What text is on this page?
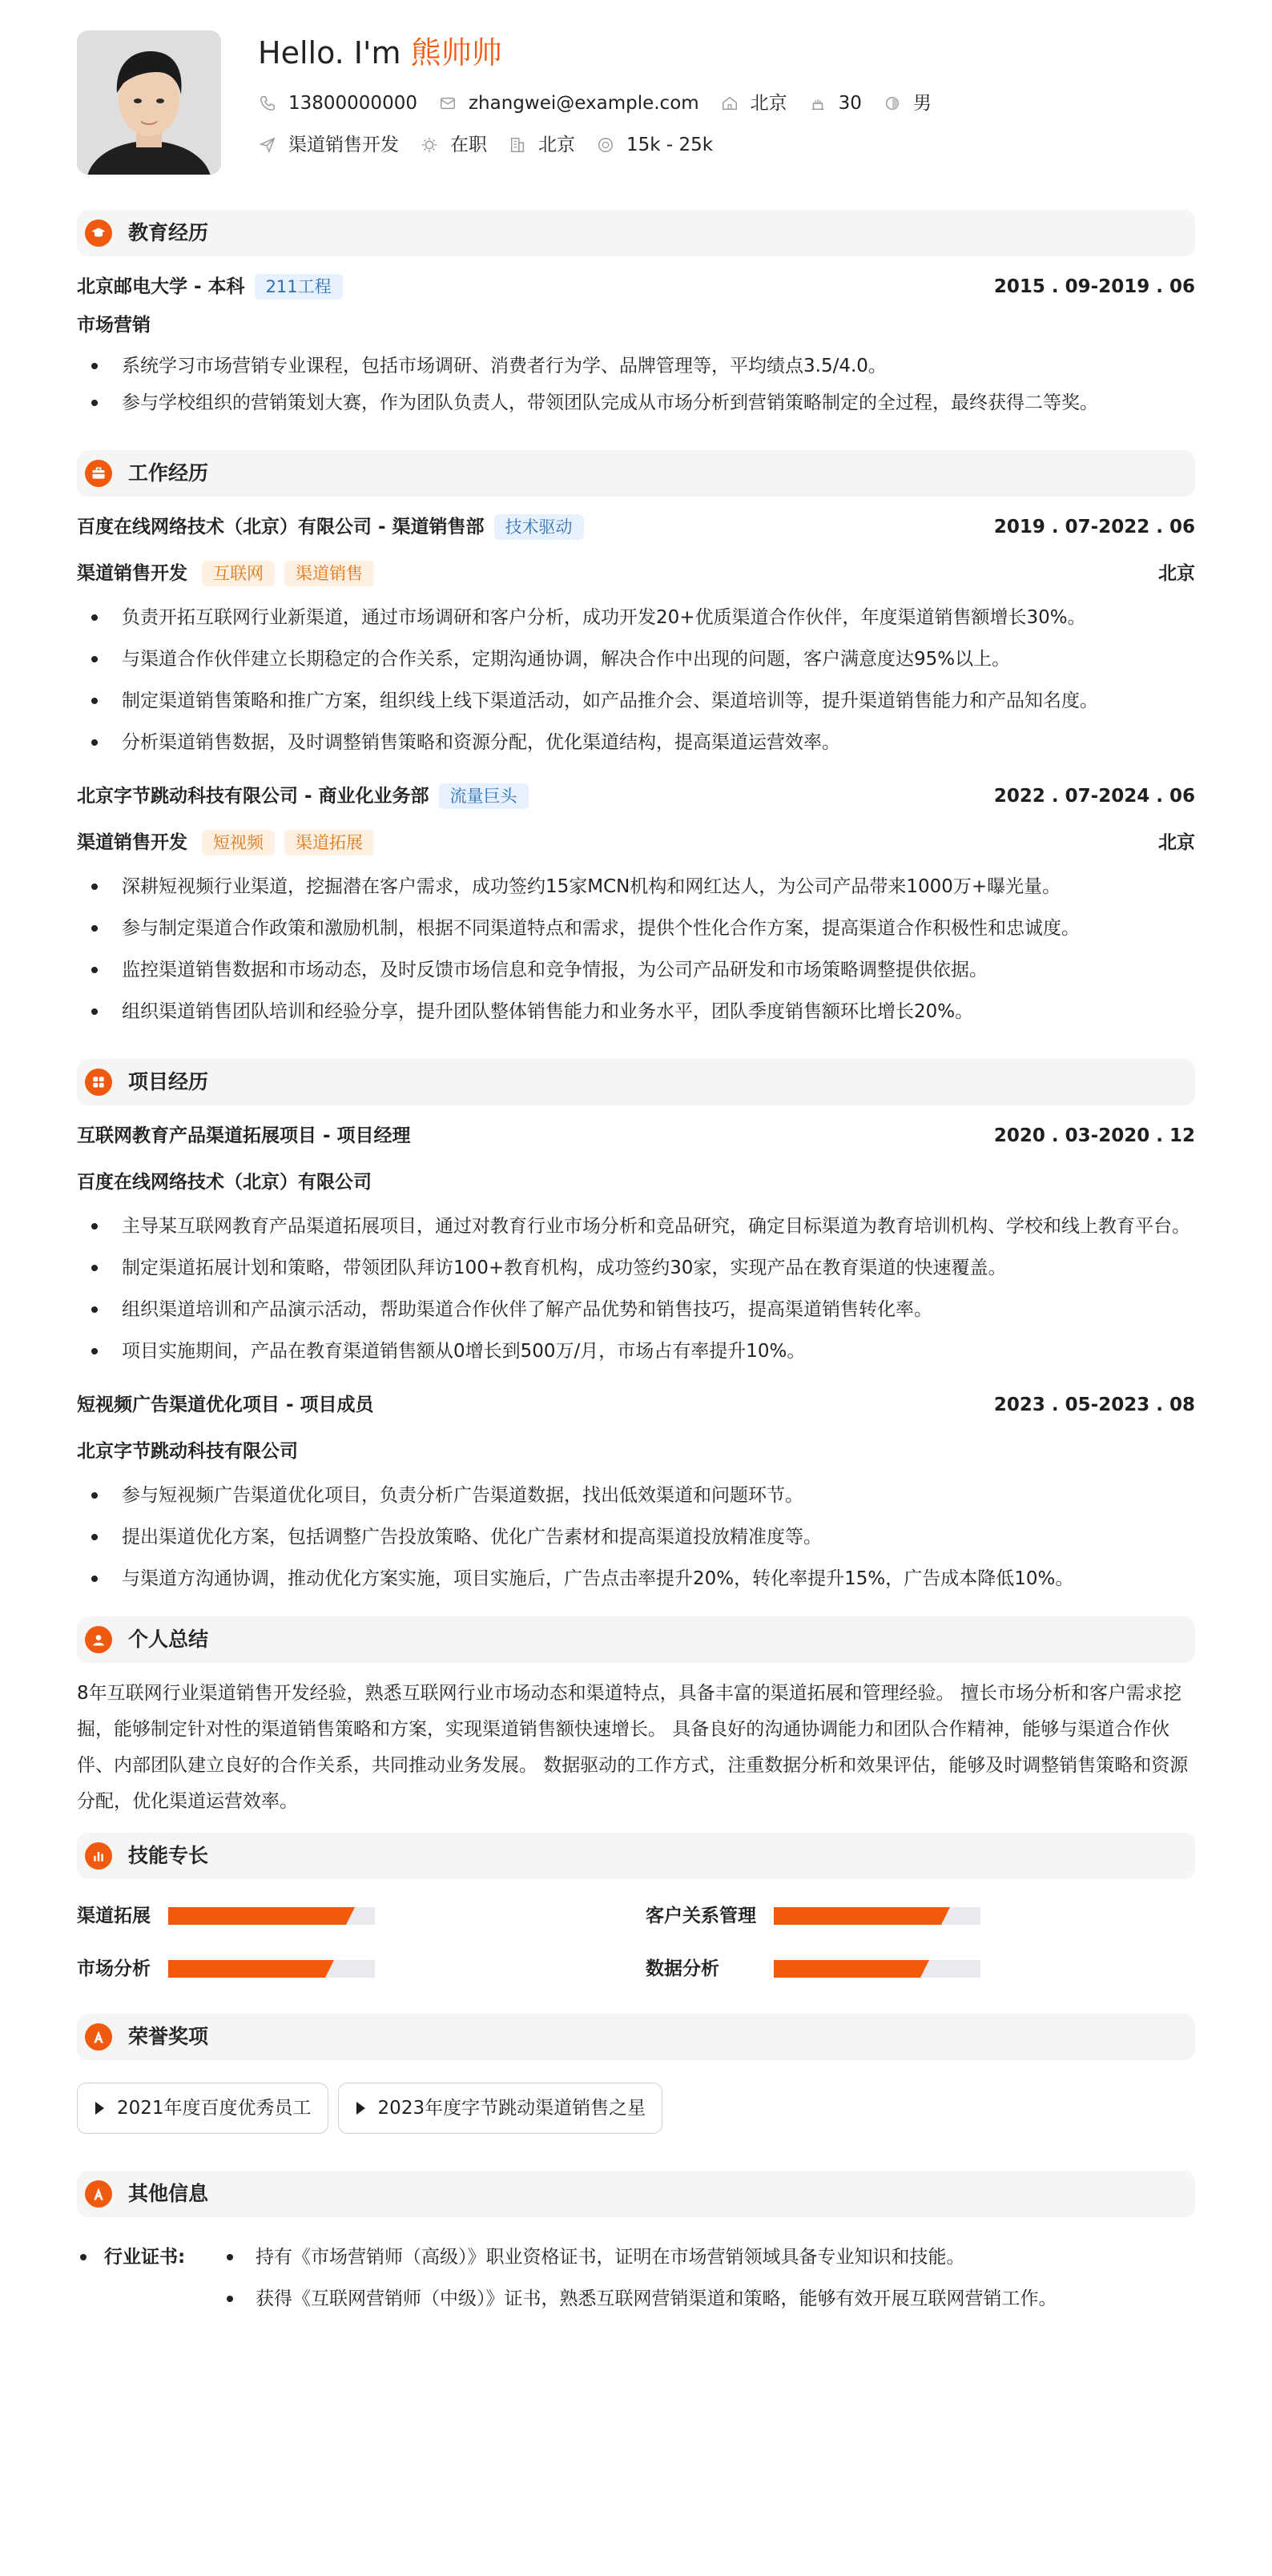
Hello. I'm 熊帅帅
13800000000	zhangwei@example.com	北京	30	男
渠道销售开发	在职	北京	15k - 25k
教育经历
北京邮电大学 - 本科	211工程	2015 . 09-2019 . 06
市场营销
系统学习市场营销专业课程，包括市场调研、消费者行为学、品牌管理等，平均绩点3.5/4.0。
参与学校组织的营销策划大赛，作为团队负责人，带领团队完成从市场分析到营销策略制定的全过程，最终获得二等奖。
工作经历
百度在线网络技术（北京）有限公司 - 渠道销售部	技术驱动	2019 . 07-2022 . 06
渠道销售开发	互联网	渠道销售	北京
负责开拓互联网行业新渠道，通过市场调研和客户分析，成功开发20+优质渠道合作伙伴，年度渠道销售额增长30%。
与渠道合作伙伴建立长期稳定的合作关系，定期沟通协调，解决合作中出现的问题，客户满意度达95%以上。
制定渠道销售策略和推广方案，组织线上线下渠道活动，如产品推介会、渠道培训等，提升渠道销售能力和产品知名度。
分析渠道销售数据，及时调整销售策略和资源分配，优化渠道结构，提高渠道运营效率。
北京字节跳动科技有限公司 - 商业化业务部	流量巨头	2022 . 07-2024 . 06
渠道销售开发	短视频	渠道拓展	北京
深耕短视频行业渠道，挖掘潜在客户需求，成功签约15家MCN机构和网红达人，为公司产品带来1000万+曝光量。
参与制定渠道合作政策和激励机制，根据不同渠道特点和需求，提供个性化合作方案，提高渠道合作积极性和忠诚度。
监控渠道销售数据和市场动态，及时反馈市场信息和竞争情报，为公司产品研发和市场策略调整提供依据。
组织渠道销售团队培训和经验分享，提升团队整体销售能力和业务水平，团队季度销售额环比增长20%。
项目经历
互联网教育产品渠道拓展项目 - 项目经理	2020 . 03-2020 . 12
百度在线网络技术（北京）有限公司
主导某互联网教育产品渠道拓展项目，通过对教育行业市场分析和竞品研究，确定目标渠道为教育培训机构、学校和线上教育平台。
制定渠道拓展计划和策略，带领团队拜访100+教育机构，成功签约30家，实现产品在教育渠道的快速覆盖。
组织渠道培训和产品演示活动，帮助渠道合作伙伴了解产品优势和销售技巧，提高渠道销售转化率。
项目实施期间，产品在教育渠道销售额从0增长到500万/月，市场占有率提升10%。
短视频广告渠道优化项目 - 项目成员	2023 . 05-2023 . 08
北京字节跳动科技有限公司
参与短视频广告渠道优化项目，负责分析广告渠道数据，找出低效渠道和问题环节。
提出渠道优化方案，包括调整广告投放策略、优化广告素材和提高渠道投放精准度等。
与渠道方沟通协调，推动优化方案实施，项目实施后，广告点击率提升20%，转化率提升15%，广告成本降低10%。
个人总结

8年互联网行业渠道销售开发经验，熟悉互联网行业市场动态和渠道特点，具备丰富的渠道拓展和管理经验。 擅长市场分析和客户需求挖掘，能够制定针对性的渠道销售策略和方案，实现渠道销售额快速增长。 具备良好的沟通协调能力和团队合作精神，能够与渠道合作伙伴、内部团队建立良好的合作关系，共同推动业务发展。 数据驱动的工作方式，注重数据分析和效果评估，能够及时调整销售策略和资源分配，优化渠道运营效率。

技能专长
渠道拓展	客户关系管理
市场分析	数据分析
荣誉奖项
2021年度百度优秀员工	2023年度字节跳动渠道销售之星
其他信息
行业证书:	持有《市场营销师（高级）》职业资格证书，证明在市场营销领域具备专业知识和技能。
获得《互联网营销师（中级）》证书，熟悉互联网营销渠道和策略，能够有效开展互联网营销工作。
